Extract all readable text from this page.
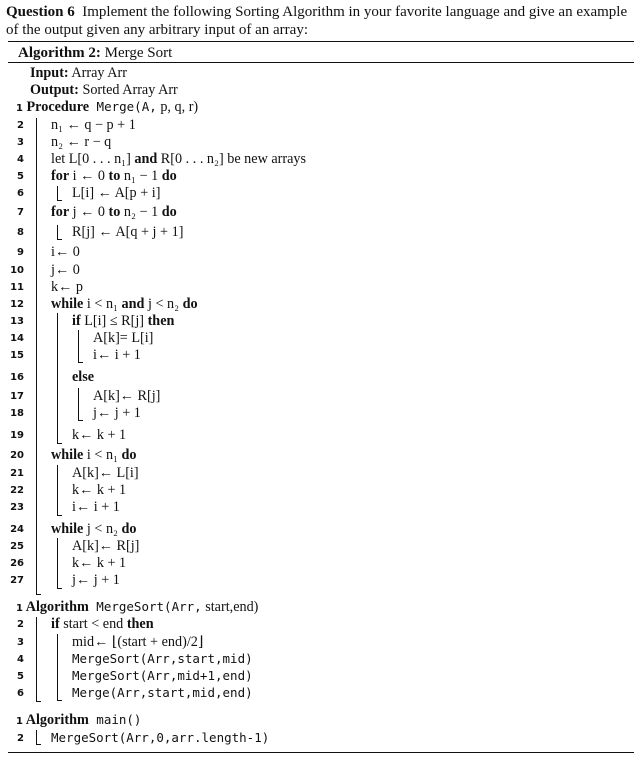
Question 6 Implement the following Sorting Algorithm in your favorite language and give an example of the output given any arbitrary input of an array:
Algorithm 2: Merge Sort
Input: Array Arr
Output: Sorted Array Arr
1 Procedure Merge(A, p, q, r)
2 n₁ ← q − p + 1
3 n₂ ← r − q
4 let L[0 . . . n₁] and R[0 . . . n₂] be new arrays
5 for i ← 0 to n₁ − 1 do
6	L[i] ← A[p + i]
7 for j ← 0 to n₂ − 1 do
8	R[j] ← A[q + j + 1]
9 i← 0
10 j← 0
11 k← p
12 while i < n₁ and j < n₂ do
13	if L[i] ≤ R[j] then
14	A[k]= L[i]
15	i← i + 1
16	else
17	A[k]← R[j]
18	j← j + 1
19	k← k + 1
20 while i < n₁ do
21	A[k]← L[i]
22	k← k + 1
23	i← i + 1
24 while j < n₂ do
25	A[k]← R[j]
26	k← k + 1
27	j← j + 1
1 Algorithm MergeSort(Arr, start,end)
2 if start < end then
3	mid← ⌊(start + end)/2⌋
4	MergeSort(Arr,start,mid)
5	MergeSort(Arr,mid+1,end)
6	Merge(Arr,start,mid,end)
1 Algorithm main()
2 MergeSort(Arr,0,arr.length-1)
